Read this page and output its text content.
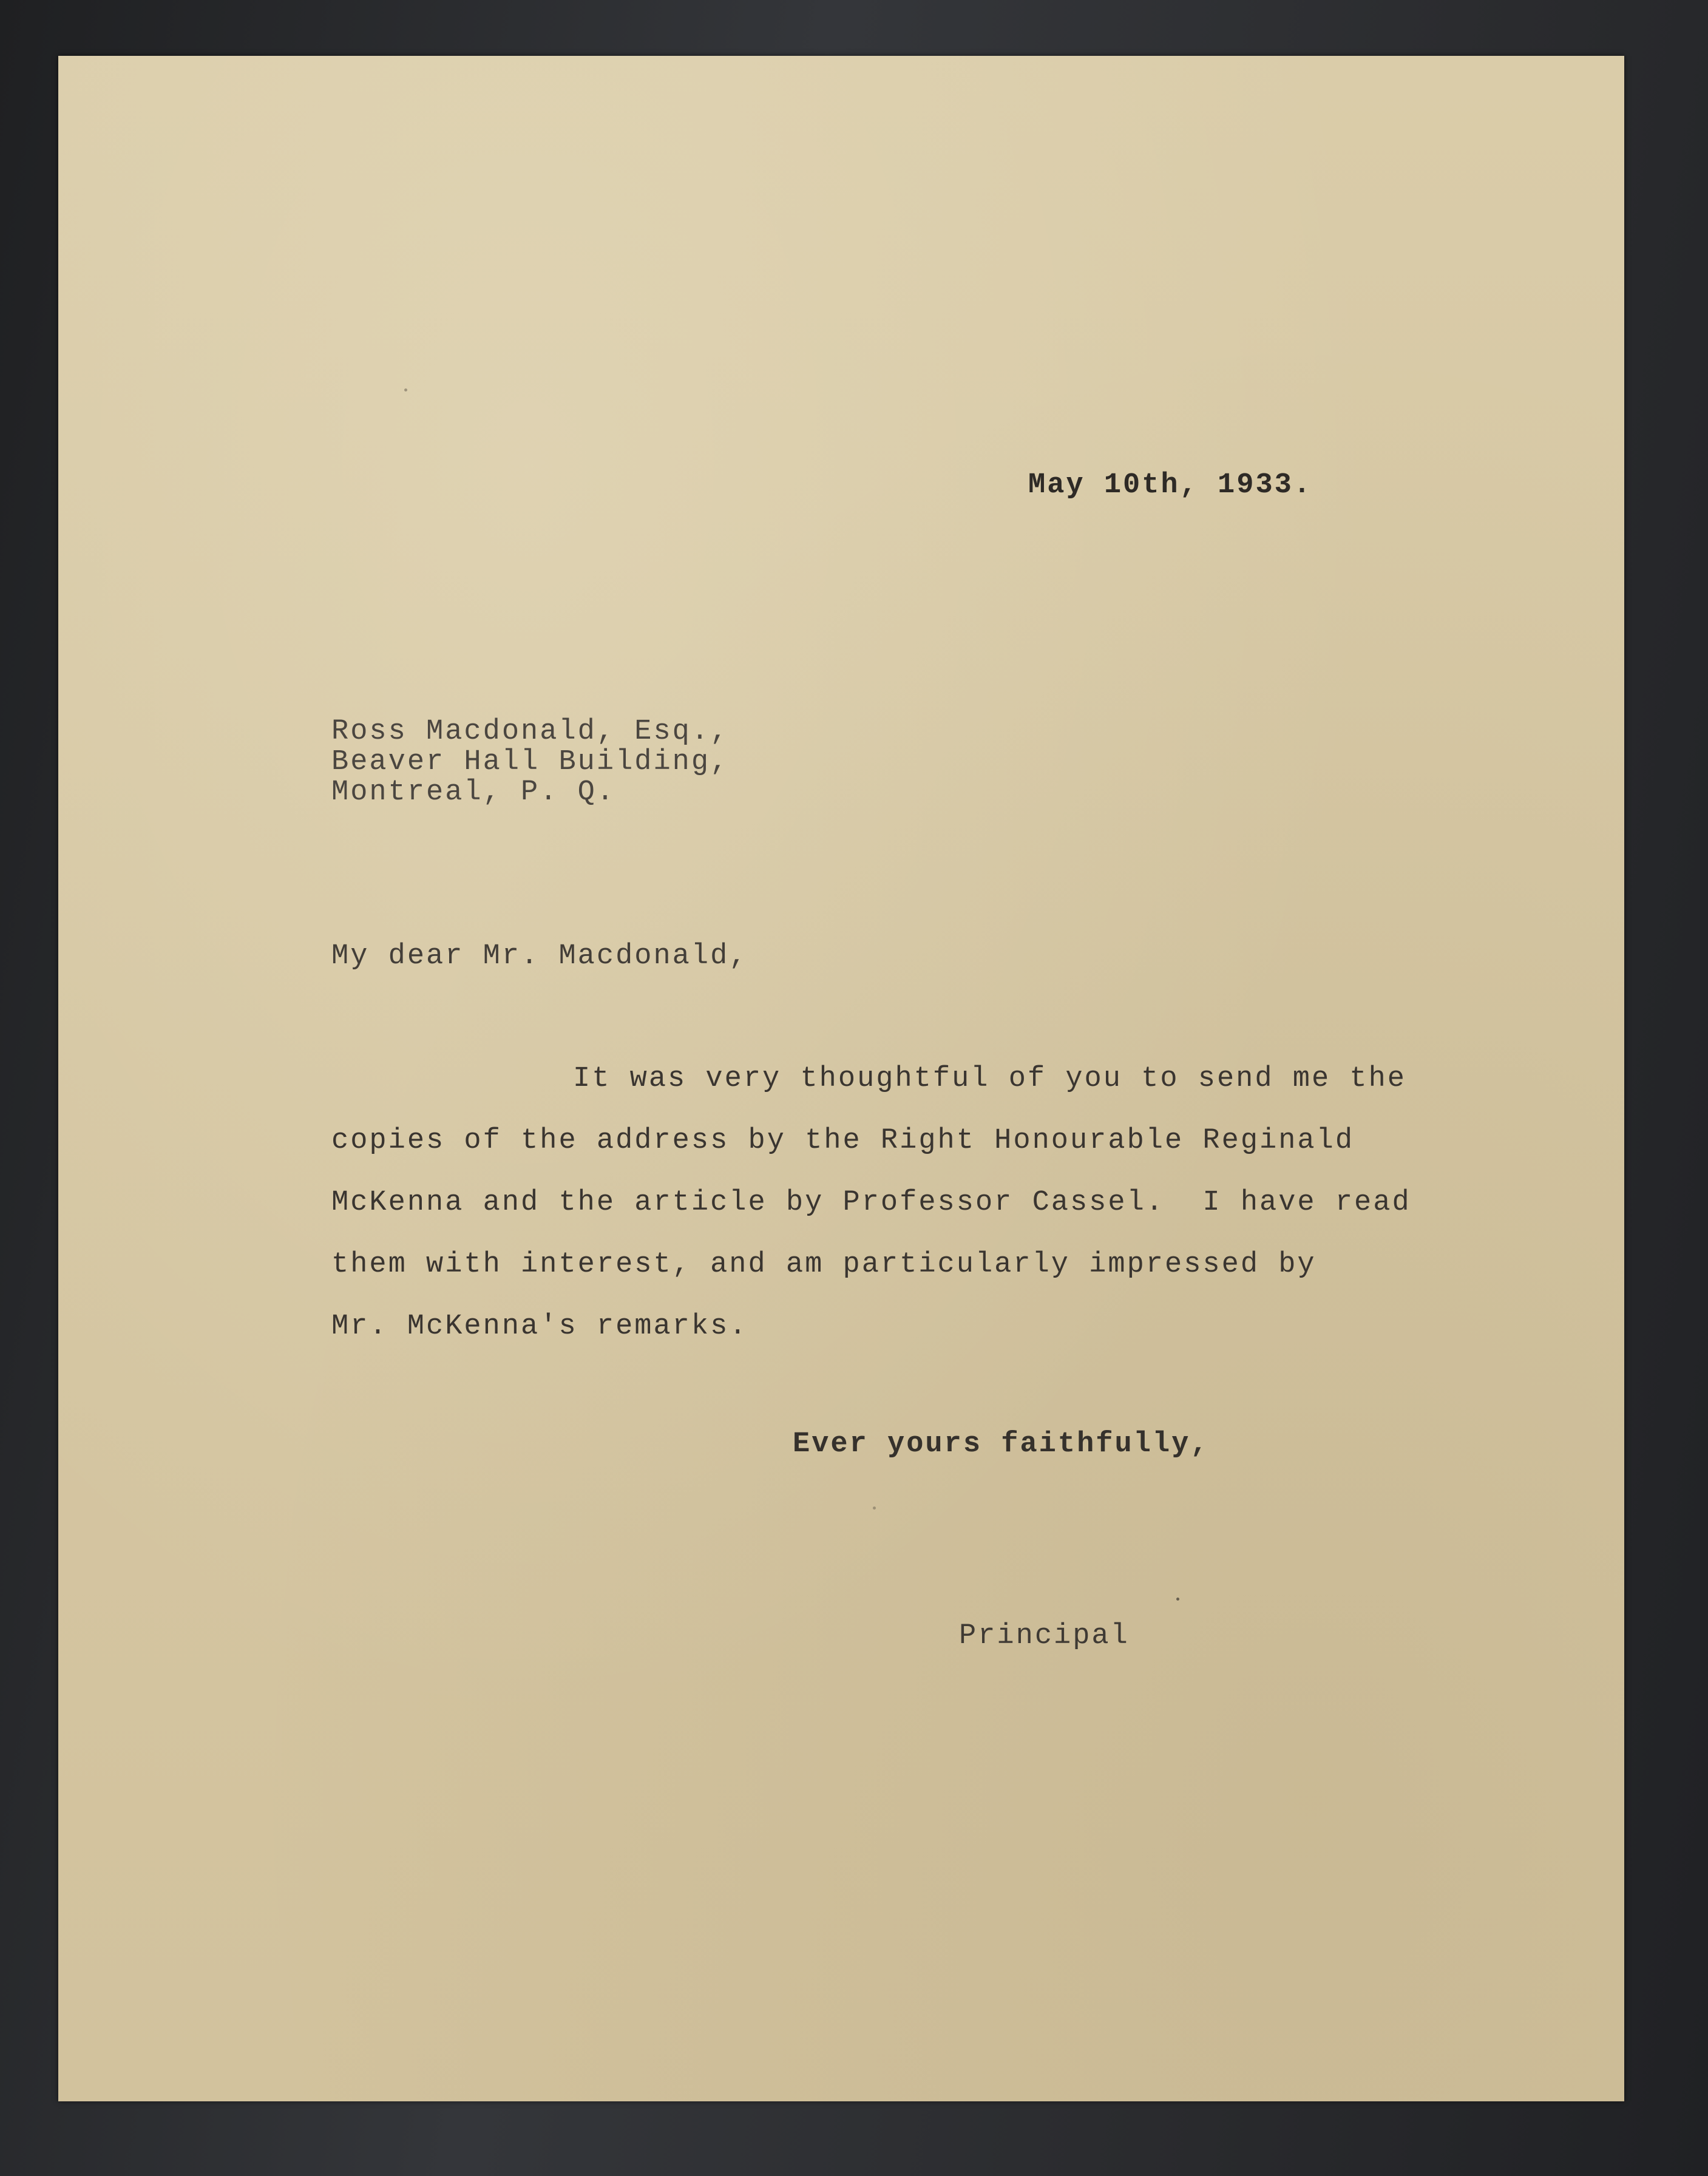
May 10th, 1933.
Ross Macdonald, Esq.,
Beaver Hall Building,
Montreal, P. Q.
My dear Mr. Macdonald,
It was very thoughtful of you to send me the
copies of the address by the Right Honourable Reginald
McKenna and the article by Professor Cassel.  I have read
them with interest, and am particularly impressed by
Mr. McKenna's remarks.
Ever yours faithfully,
Principal
